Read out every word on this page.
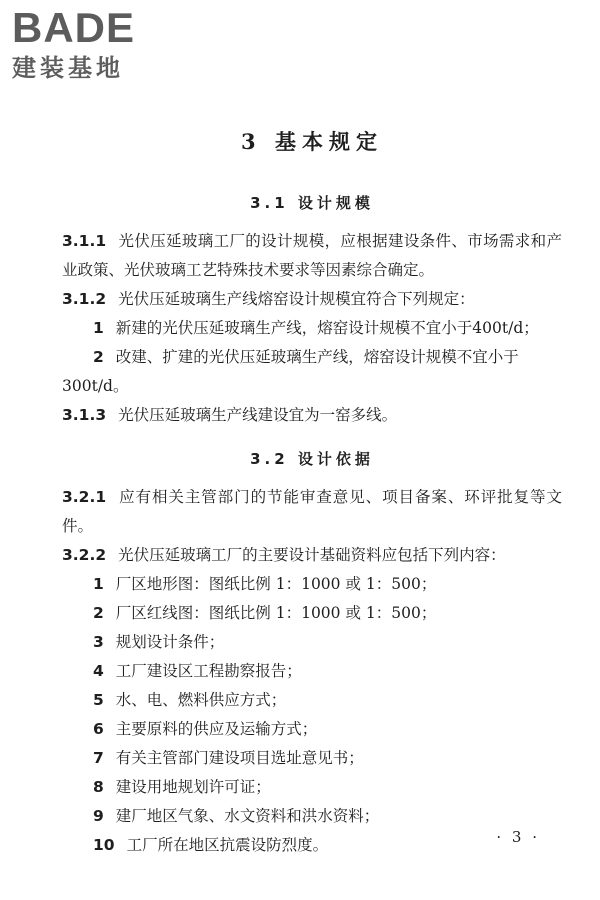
BADE
建装基地
3 基本规定
3.1 设计规模

3.1.1 光伏压延玻璃工厂的设计规模，应根据建设条件、市场需求和产业政策、光伏玻璃工艺特殊技术要求等因素综合确定。

3.1.2 光伏压延玻璃生产线熔窑设计规模宜符合下列规定：

1 新建的光伏压延玻璃生产线，熔窑设计规模不宜小于400t/d；

2 改建、扩建的光伏压延玻璃生产线，熔窑设计规模不宜小于300t/d。

3.1.3 光伏压延玻璃生产线建设宜为一窑多线。

3.2 设计依据

3.2.1 应有相关主管部门的节能审查意见、项目备案、环评批复等文件。

3.2.2 光伏压延玻璃工厂的主要设计基础资料应包括下列内容：

1 厂区地形图：图纸比例 1：1000 或 1：500；

2 厂区红线图：图纸比例 1：1000 或 1：500；

3 规划设计条件；

4 工厂建设区工程勘察报告；

5 水、电、燃料供应方式；

6 主要原料的供应及运输方式；

7 有关主管部门建设项目选址意见书；

8 建设用地规划许可证；

9 建厂地区气象、水文资料和洪水资料；

10 工厂所在地区抗震设防烈度。	· 3 ·
